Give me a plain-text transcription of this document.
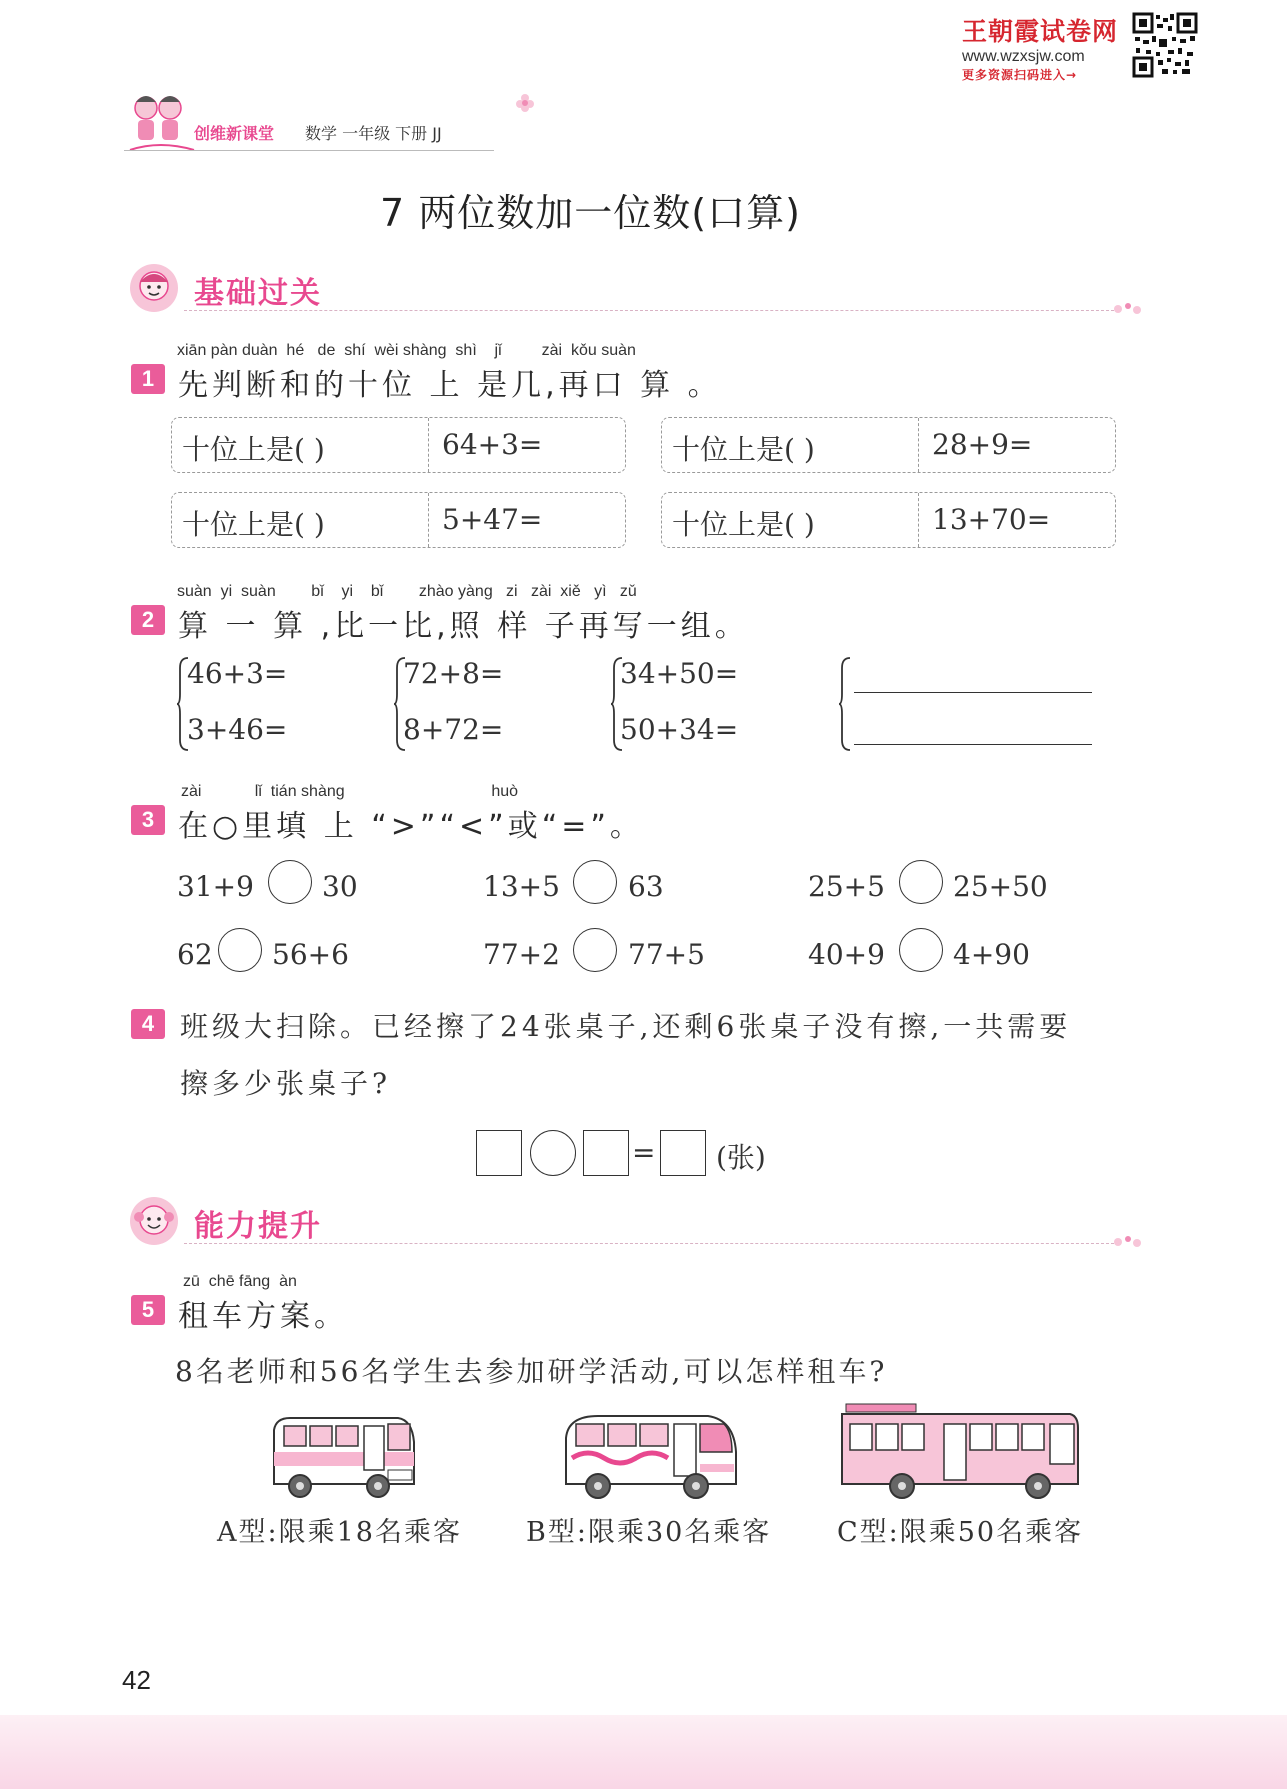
王朝霞试卷网
www.wzxsjw.com
更多资源扫码进入→
创维新课堂 数学 一年级 下册 JJ
7 两位数加一位数(口算)
基础过关
xiān pàn duàn  hé   de  shí  wèi shàng  shì    jǐ         zài  kǒu suàn
1 先判断和的十位 上 是几,再口 算 。
十位上是( )	64+3=	十位上是( )	28+9=
十位上是( )	5+47=	十位上是( )	13+70=
suàn  yi  suàn        bǐ    yi    bǐ        zhào yàng   zi   zài  xiě   yì   zǔ
2 算 一 算 ,比一比,照 样 子再写一组。
46+3=
3+46=
72+8=
8+72=
34+50=
50+34=
zài            lǐ  tián shàng                                 huò
3 在○里填 上 “>”“<”或“=”。
31+9 30	13+5 63	25+5 25+50
62 56+6	77+2 77+5	40+9 4+90
4 班级大扫除。已经擦了24张桌子,还剩6张桌子没有擦,一共需要
擦多少张桌子?
= (张)
能力提升
zū  chē fāng  àn
5 租车方案。
8名老师和56名学生去参加研学活动,可以怎样租车?
A型:限乘18名乘客 B型:限乘30名乘客 C型:限乘50名乘客
42
